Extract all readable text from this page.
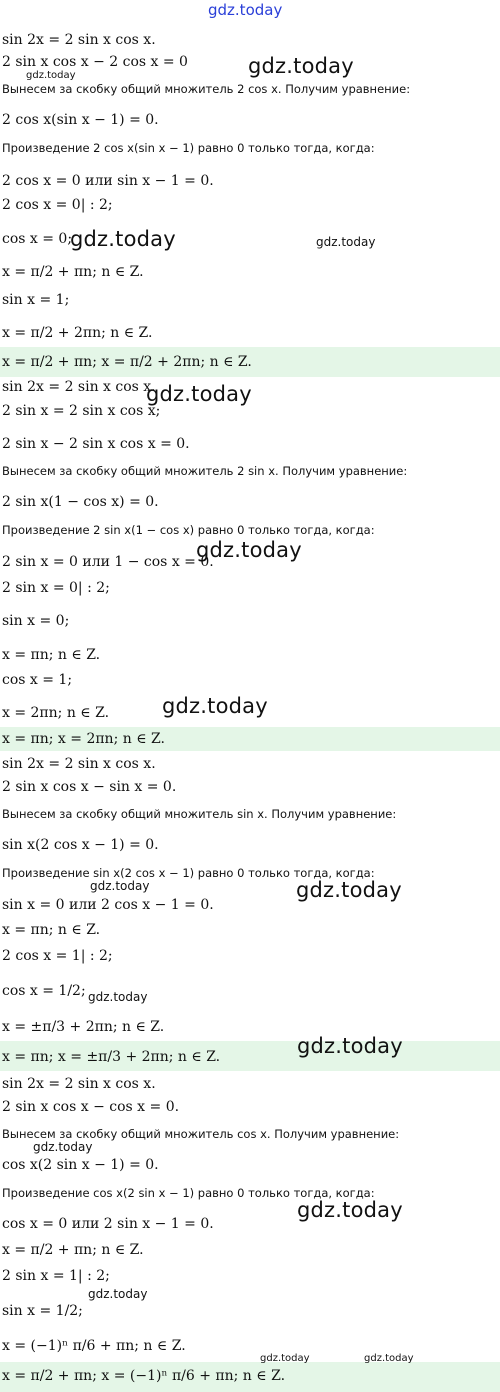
sin 2x = 2 sin x cos x.
2 sin x cos x − 2 cos x = 0
Вынесем за скобку общий множитель 2 cos x. Получим уравнение:
2 cos x(sin x − 1) = 0.
Произведение 2 cos x(sin x − 1) равно 0 только тогда, когда:
2 cos x = 0 или sin x − 1 = 0.
2 cos x = 0| : 2;
cos x = 0;
x = π/2 + πn; n ∈ Z.
sin x = 1;
x = π/2 + 2πn; n ∈ Z.
x = π/2 + πn; x = π/2 + 2πn; n ∈ Z.
sin 2x = 2 sin x cos x.
2 sin x = 2 sin x cos x;
2 sin x − 2 sin x cos x = 0.
Вынесем за скобку общий множитель 2 sin x. Получим уравнение:
2 sin x(1 − cos x) = 0.
Произведение 2 sin x(1 − cos x) равно 0 только тогда, когда:
2 sin x = 0 или 1 − cos x = 0.
2 sin x = 0| : 2;
sin x = 0;
x = πn; n ∈ Z.
cos x = 1;
x = 2πn; n ∈ Z.
x = πn; x = 2πn; n ∈ Z.
sin 2x = 2 sin x cos x.
2 sin x cos x − sin x = 0.
Вынесем за скобку общий множитель sin x. Получим уравнение:
sin x(2 cos x − 1) = 0.
Произведение sin x(2 cos x − 1) равно 0 только тогда, когда:
sin x = 0 или 2 cos x − 1 = 0.
x = πn; n ∈ Z.
2 cos x = 1| : 2;
cos x = 1/2;
x = ±π/3 + 2πn; n ∈ Z.
x = πn; x = ±π/3 + 2πn; n ∈ Z.
sin 2x = 2 sin x cos x.
2 sin x cos x − cos x = 0.
Вынесем за скобку общий множитель cos x. Получим уравнение:
cos x(2 sin x − 1) = 0.
Произведение cos x(2 sin x − 1) равно 0 только тогда, когда:
cos x = 0 или 2 sin x − 1 = 0.
x = π/2 + πn; n ∈ Z.
2 sin x = 1| : 2;
sin x = 1/2;
x = (−1)ⁿ π/6 + πn; n ∈ Z.
x = π/2 + πn; x = (−1)ⁿ π/6 + πn; n ∈ Z.
gdz.today
gdz.today
gdz.today
gdz.today	gdz.today
gdz.today
gdz.today
gdz.today
gdz.today	gdz.today
gdz.today
gdz.today
gdz.today
gdz.today
gdz.today
gdz.today	gdz.today
